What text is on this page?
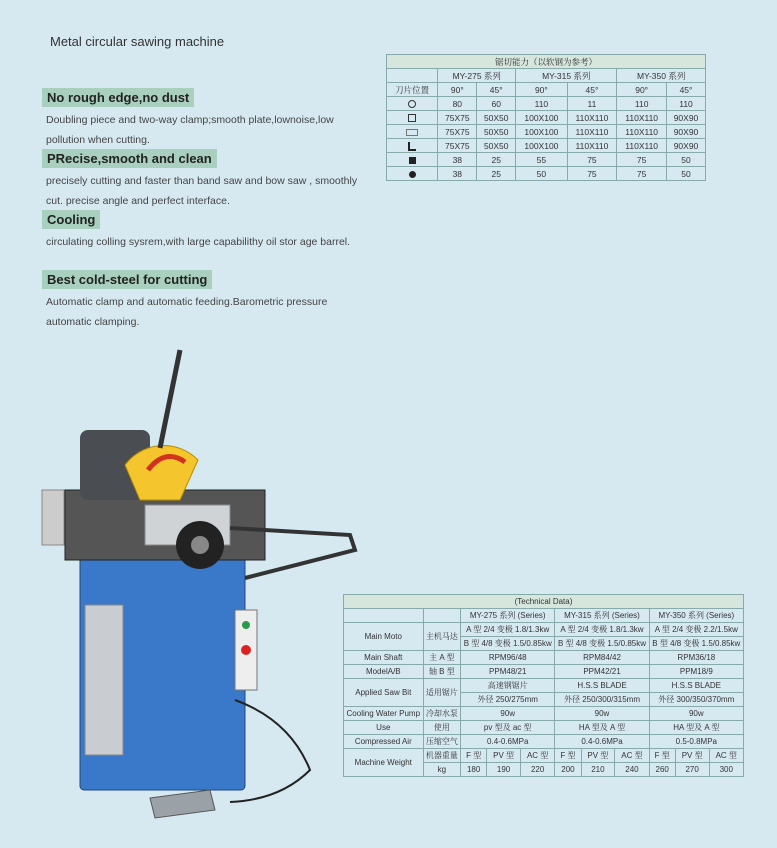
Metal circular sawing machine
No rough edge,no dust
Doubling piece and two-way clamp;smooth plate,lownoise,low pollution when cutting.
PRecise,smooth and clean
precisely cutting and faster than band saw and bow saw , smoothly cut. precise angle and perfect interface.
Cooling
circulating colling sysrem,with large capabilithy oil stor age barrel.
Best cold-steel for cutting
Automatic clamp and automatic feeding.Barometric pressure automatic clamping.
锯切能力（以软钢为参考）						
	MY-275 系列		MY-315 系列		MY-350 系列	
刀片位置	90°	45°	90°	45°	90°	45°
	80	60	110	11	110	110
	75X75	50X50	100X100	110X110	110X110	90X90
	75X75	50X50	100X100	110X110	110X110	90X90
	75X75	50X50	100X100	110X110	110X110	90X90
	38	25	55	75	75	50
	38	25	50	75	75	50
(Technical Data)										
		MY-275 系列 (Series)			MY-315 系列 (Series)			MY-350 系列 (Series)		
Main Moto	主机马达	A 型 2/4 变极 1.8/1.3kw			A 型 2/4 变极 1.8/1.3kw			A 型 2/4 变极 2.2/1.5kw		
		B 型 4/8 变极 1.5/0.85kw			B 型 4/8 变极 1.5/0.85kw			B 型 4/8 变极 1.5/0.85kw		
Main Shaft	主 A 型	RPM96/48			RPM84/42			RPM36/18		
ModelA/B	轴 B 型	PPM48/21			PPM42/21			PPM18/9		
Applied Saw Bit	适用锯片	高速钢锯片			H.S.S BLADE			H.S.S BLADE		
		外径 250/275mm			外径 250/300/315mm			外径 300/350/370mm		
Cooling Water Pump	冷却水泵	90w			90w			90w		
Use	使用	pv 型及 ac 型			HA 型及 A 型			HA 型及 A 型		
Compressed Air	压缩空气	0.4-0.6MPa			0.4-0.6MPa			0.5-0.8MPa		
Machine Weight	机器重量	F 型	PV 型	AC 型	F 型	PV 型	AC 型	F 型	PV 型	AC 型
	kg	180	190	220	200	210	240	260	270	300
